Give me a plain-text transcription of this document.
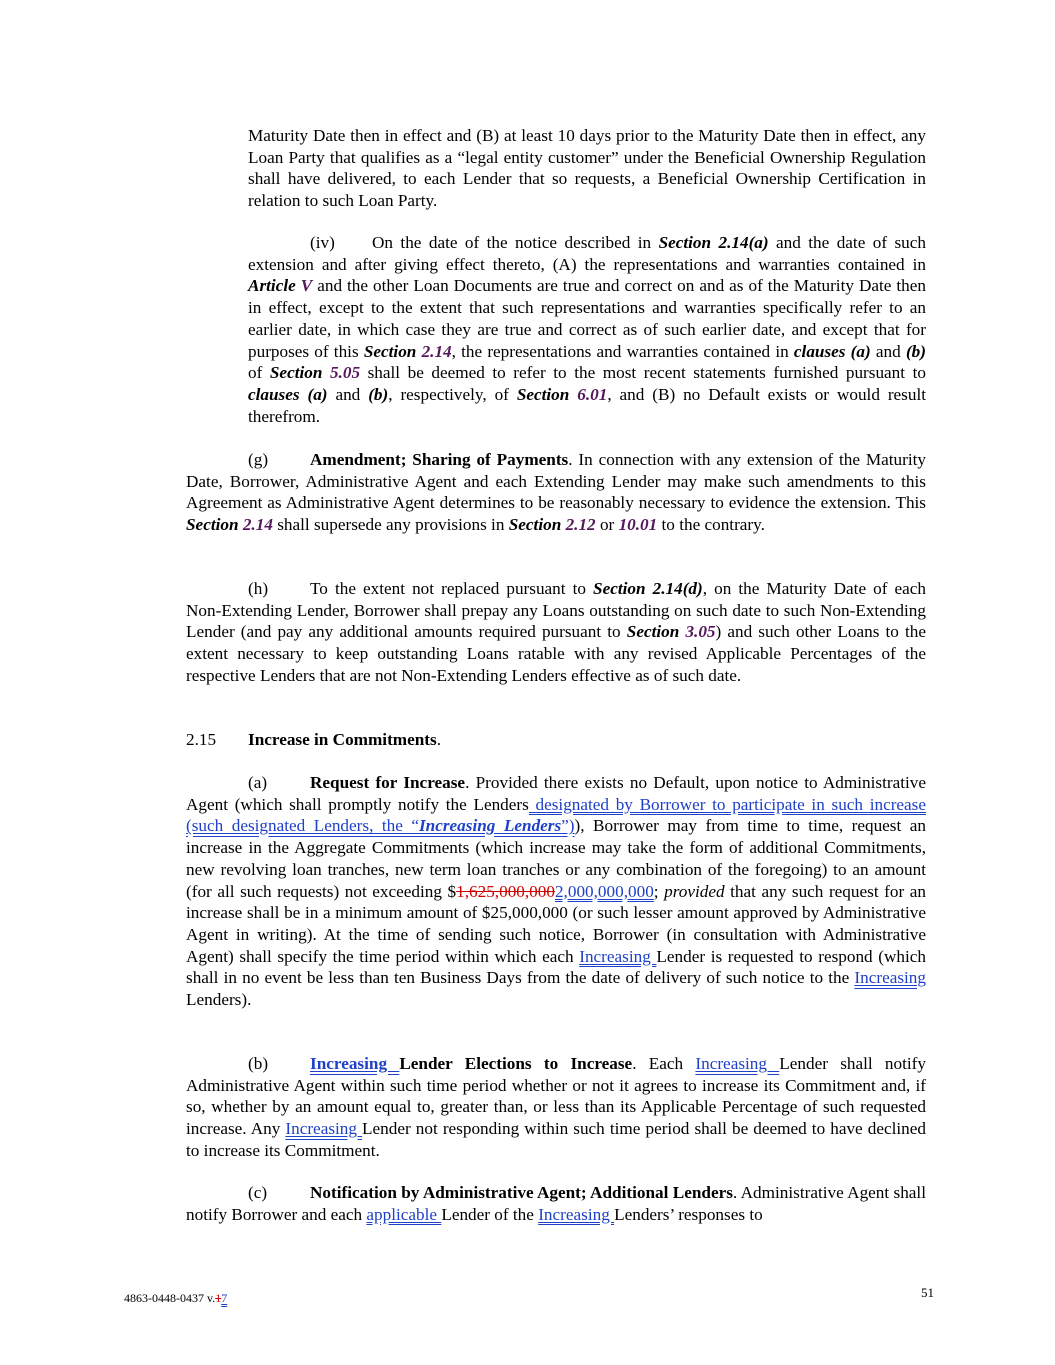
Maturity Date then in effect and (B) at least 10 days prior to the Maturity Date then in effect, any Loan Party that qualifies as a “legal entity customer” under the Beneficial Ownership Regulation shall have delivered, to each Lender that so requests, a Beneficial Ownership Certification in relation to such Loan Party.

(iv) On the date of the notice described in Section 2.14(a) and the date of such extension and after giving effect thereto, (A) the representations and warranties contained in Article V and the other Loan Documents are true and correct on and as of the Maturity Date then in effect, except to the extent that such representations and warranties specifically refer to an earlier date, in which case they are true and correct as of such earlier date, and except that for purposes of this Section 2.14, the representations and warranties contained in clauses (a) and (b) of Section 5.05 shall be deemed to refer to the most recent statements furnished pursuant to clauses (a) and (b), respectively, of Section 6.01, and (B) no Default exists or would result therefrom.

(g) Amendment; Sharing of Payments. In connection with any extension of the Maturity Date, Borrower, Administrative Agent and each Extending Lender may make such amendments to this Agreement as Administrative Agent determines to be reasonably necessary to evidence the extension. This Section 2.14 shall supersede any provisions in Section 2.12 or 10.01 to the contrary.

(h) To the extent not replaced pursuant to Section 2.14(d), on the Maturity Date of each Non-Extending Lender, Borrower shall prepay any Loans outstanding on such date to such Non-Extending Lender (and pay any additional amounts required pursuant to Section 3.05) and such other Loans to the extent necessary to keep outstanding Loans ratable with any revised Applicable Percentages of the respective Lenders that are not Non-Extending Lenders effective as of such date.

2.15 Increase in Commitments.

(a) Request for Increase. Provided there exists no Default, upon notice to Administrative Agent (which shall promptly notify the Lenders designated by Borrower to participate in such increase (such designated Lenders, the “Increasing Lenders”)), Borrower may from time to time, request an increase in the Aggregate Commitments (which increase may take the form of additional Commitments, new revolving loan tranches, new term loan tranches or any combination of the foregoing) to an amount (for all such requests) not exceeding $1,625,000,0002,000,000,000; provided that any such request for an increase shall be in a minimum amount of $25,000,000 (or such lesser amount approved by Administrative Agent in writing). At the time of sending such notice, Borrower (in consultation with Administrative Agent) shall specify the time period within which each Increasing Lender is requested to respond (which shall in no event be less than ten Business Days from the date of delivery of such notice to the Increasing Lenders).

(b) Increasing Lender Elections to Increase. Each Increasing Lender shall notify Administrative Agent within such time period whether or not it agrees to increase its Commitment and, if so, whether by an amount equal to, greater than, or less than its Applicable Percentage of such requested increase. Any Increasing Lender not responding within such time period shall be deemed to have declined to increase its Commitment.

(c) Notification by Administrative Agent; Additional Lenders. Administrative Agent shall notify Borrower and each applicable Lender of the Increasing Lenders’ responses to

4863-0448-0437 v.17	51
